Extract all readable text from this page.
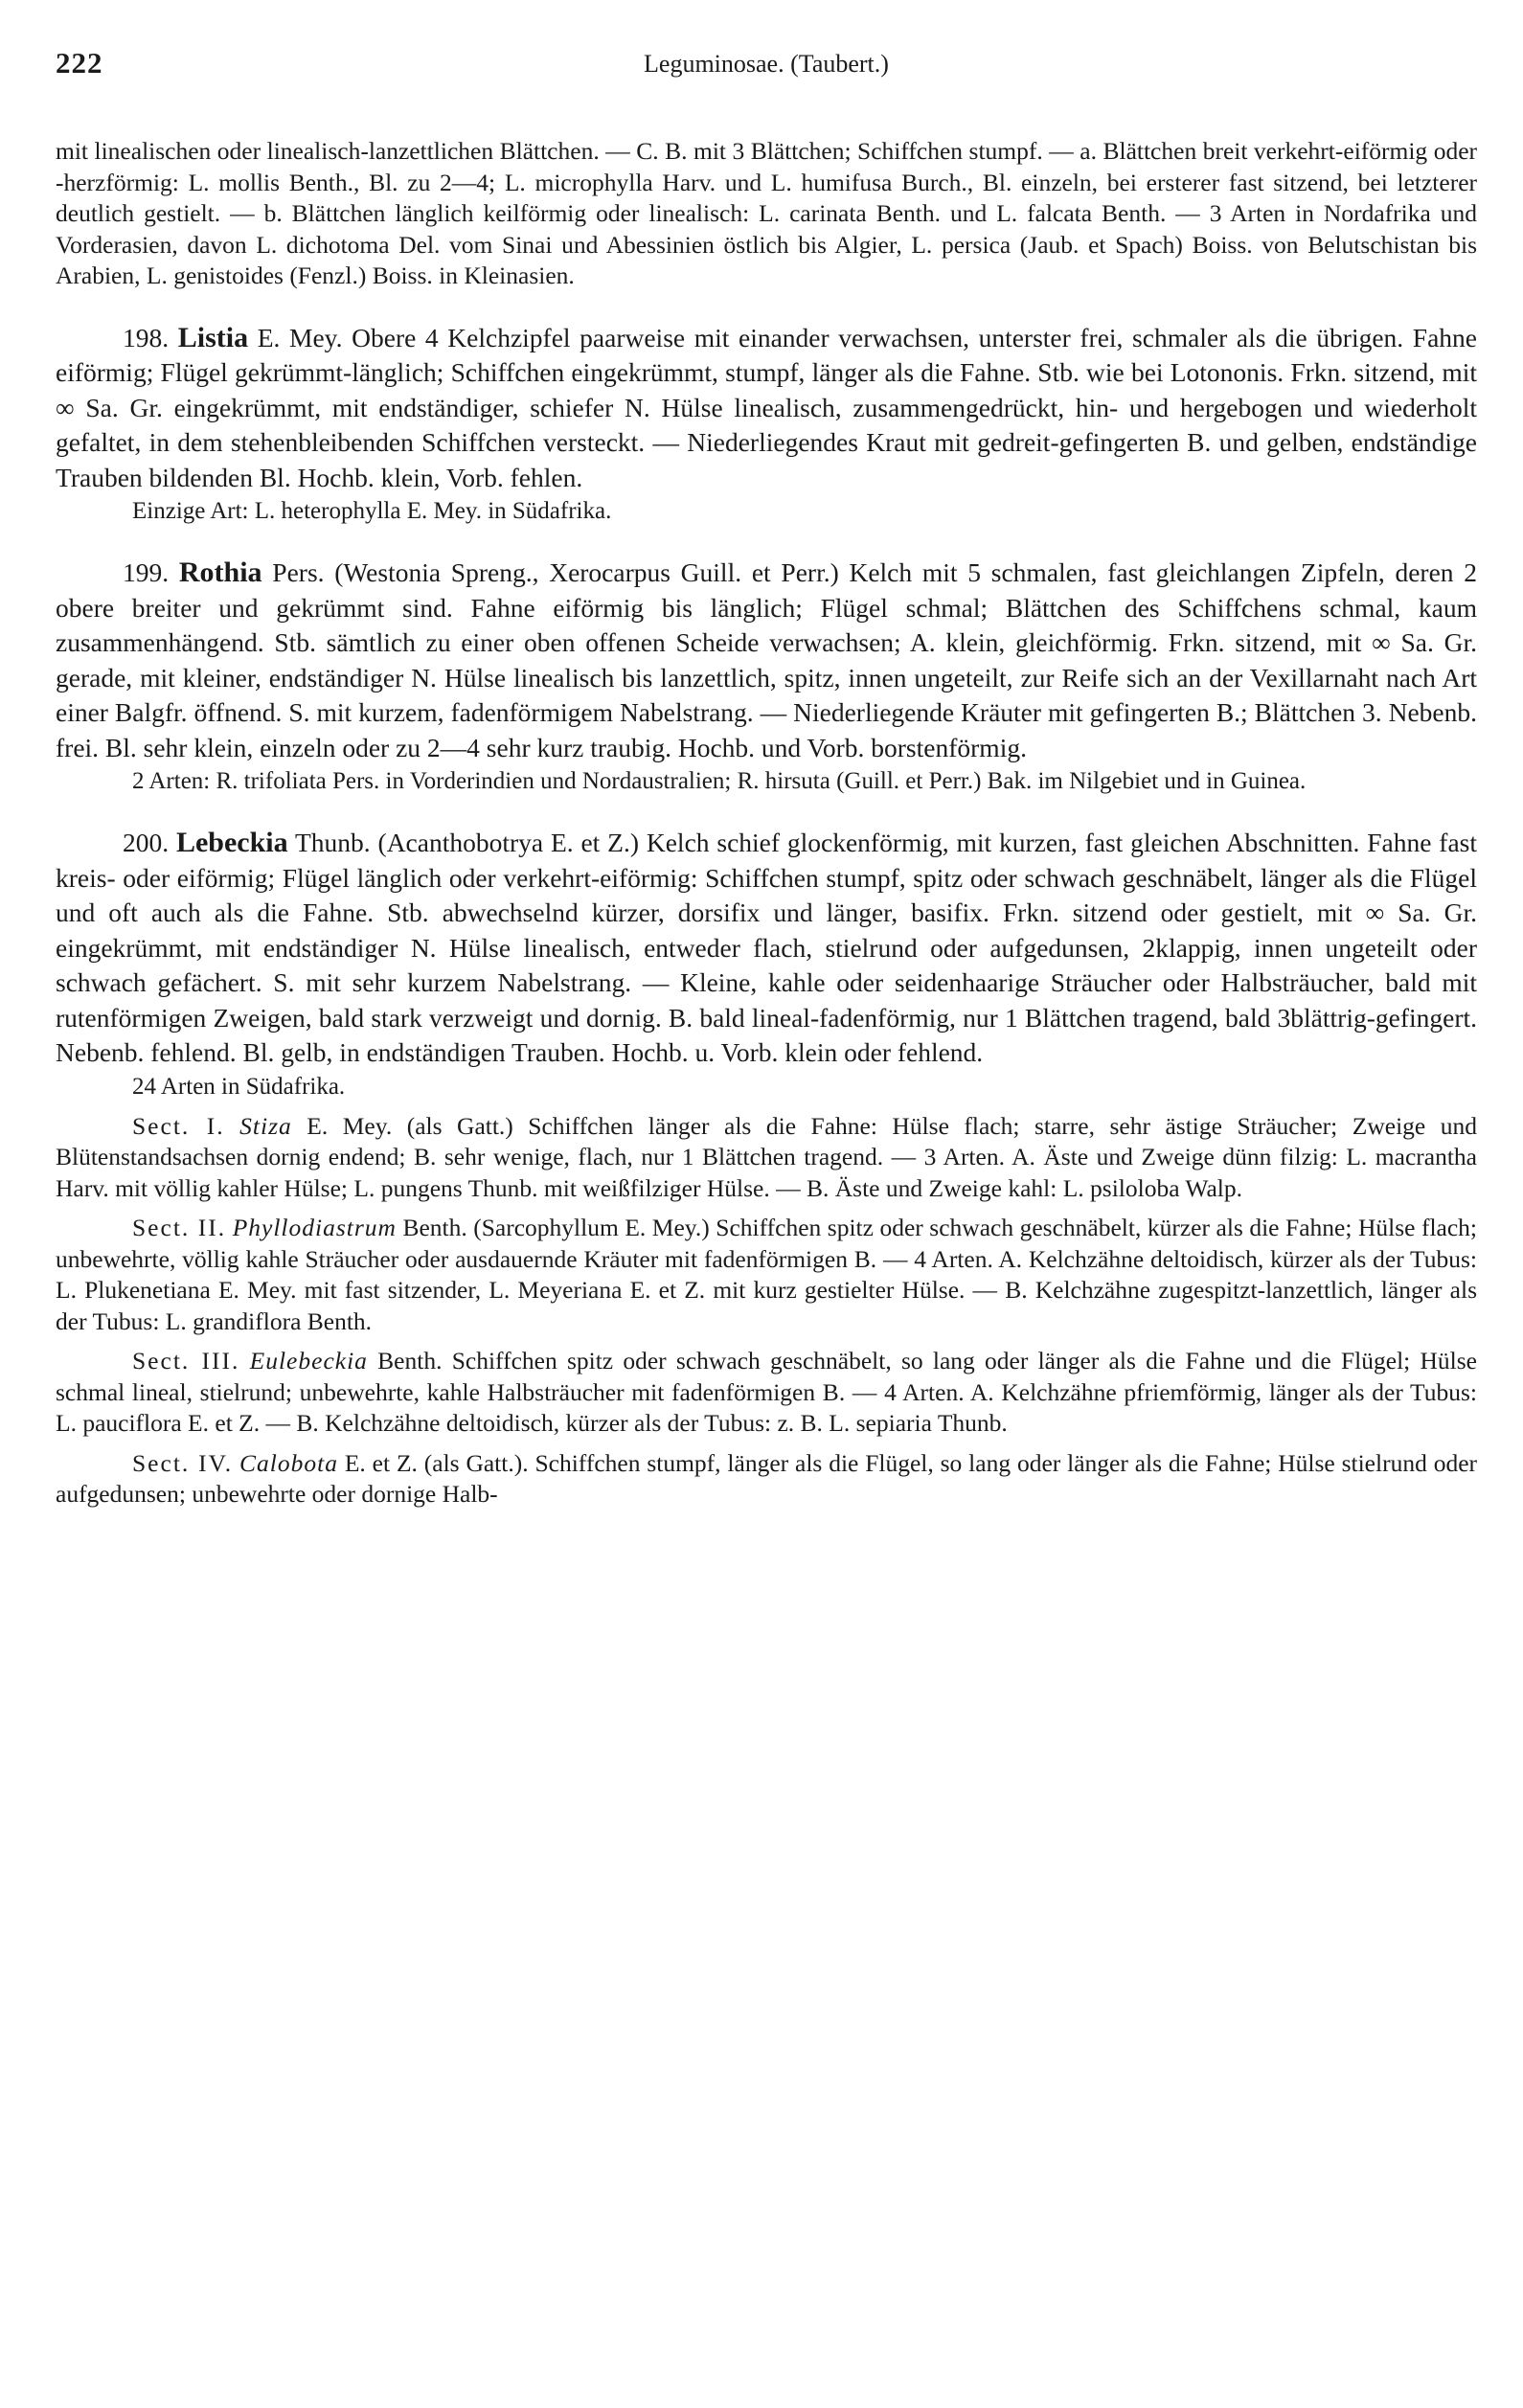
222	Leguminosae. (Taubert.)

mit linealischen oder linealisch-lanzettlichen Blättchen. — C. B. mit 3 Blättchen; Schiffchen stumpf. — a. Blättchen breit verkehrt-eiförmig oder -herzförmig: L. mollis Benth., Bl. zu 2—4; L. microphylla Harv. und L. humifusa Burch., Bl. einzeln, bei ersterer fast sitzend, bei letzterer deutlich gestielt. — b. Blättchen länglich keilförmig oder linealisch: L. carinata Benth. und L. falcata Benth. — 3 Arten in Nordafrika und Vorderasien, davon L. dichotoma Del. vom Sinai und Abessinien östlich bis Algier, L. persica (Jaub. et Spach) Boiss. von Belutschistan bis Arabien, L. genistoides (Fenzl.) Boiss. in Kleinasien.

198. Listia E. Mey. Obere 4 Kelchzipfel paarweise mit einander verwachsen, unterster frei, schmaler als die übrigen. Fahne eiförmig; Flügel gekrümmt-länglich; Schiffchen eingekrümmt, stumpf, länger als die Fahne. Stb. wie bei Lotononis. Frkn. sitzend, mit ∞ Sa. Gr. eingekrümmt, mit endständiger, schiefer N. Hülse linealisch, zusammengedrückt, hin- und hergebogen und wiederholt gefaltet, in dem stehenbleibenden Schiffchen versteckt. — Niederliegendes Kraut mit gedreit-gefingerten B. und gelben, endständige Trauben bildenden Bl. Hochb. klein, Vorb. fehlen.

Einzige Art: L. heterophylla E. Mey. in Südafrika.

199. Rothia Pers. (Westonia Spreng., Xerocarpus Guill. et Perr.) Kelch mit 5 schmalen, fast gleichlangen Zipfeln, deren 2 obere breiter und gekrümmt sind. Fahne eiförmig bis länglich; Flügel schmal; Blättchen des Schiffchens schmal, kaum zusammenhängend. Stb. sämtlich zu einer oben offenen Scheide verwachsen; A. klein, gleichförmig. Frkn. sitzend, mit ∞ Sa. Gr. gerade, mit kleiner, endständiger N. Hülse linealisch bis lanzettlich, spitz, innen ungeteilt, zur Reife sich an der Vexillarnaht nach Art einer Balgfr. öffnend. S. mit kurzem, fadenförmigem Nabelstrang. — Niederliegende Kräuter mit gefingerten B.; Blättchen 3. Nebenb. frei. Bl. sehr klein, einzeln oder zu 2—4 sehr kurz traubig. Hochb. und Vorb. borstenförmig.

2 Arten: R. trifoliata Pers. in Vorderindien und Nordaustralien; R. hirsuta (Guill. et Perr.) Bak. im Nilgebiet und in Guinea.

200. Lebeckia Thunb. (Acanthobotrya E. et Z.) Kelch schief glockenförmig, mit kurzen, fast gleichen Abschnitten. Fahne fast kreis- oder eiförmig; Flügel länglich oder verkehrt-eiförmig: Schiffchen stumpf, spitz oder schwach geschnäbelt, länger als die Flügel und oft auch als die Fahne. Stb. abwechselnd kürzer, dorsifix und länger, basifix. Frkn. sitzend oder gestielt, mit ∞ Sa. Gr. eingekrümmt, mit endständiger N. Hülse linealisch, entweder flach, stielrund oder aufgedunsen, 2klappig, innen ungeteilt oder schwach gefächert. S. mit sehr kurzem Nabelstrang. — Kleine, kahle oder seidenhaarige Sträucher oder Halbsträucher, bald mit rutenförmigen Zweigen, bald stark verzweigt und dornig. B. bald lineal-fadenförmig, nur 1 Blättchen tragend, bald 3blättrig-gefingert. Nebenb. fehlend. Bl. gelb, in endständigen Trauben. Hochb. u. Vorb. klein oder fehlend.

24 Arten in Südafrika.

Sect. I. Stiza E. Mey. (als Gatt.) Schiffchen länger als die Fahne: Hülse flach; starre, sehr ästige Sträucher; Zweige und Blütenstandsachsen dornig endend; B. sehr wenige, flach, nur 1 Blättchen tragend. — 3 Arten. A. Äste und Zweige dünn filzig: L. macrantha Harv. mit völlig kahler Hülse; L. pungens Thunb. mit weißfilziger Hülse. — B. Äste und Zweige kahl: L. psiloloba Walp.

Sect. II. Phyllodiastrum Benth. (Sarcophyllum E. Mey.) Schiffchen spitz oder schwach geschnäbelt, kürzer als die Fahne; Hülse flach; unbewehrte, völlig kahle Sträucher oder ausdauernde Kräuter mit fadenförmigen B. — 4 Arten. A. Kelchzähne deltoidisch, kürzer als der Tubus: L. Plukenetiana E. Mey. mit fast sitzender, L. Meyeriana E. et Z. mit kurz gestielter Hülse. — B. Kelchzähne zugespitzt-lanzettlich, länger als der Tubus: L. grandiflora Benth.

Sect. III. Eulebeckia Benth. Schiffchen spitz oder schwach geschnäbelt, so lang oder länger als die Fahne und die Flügel; Hülse schmal lineal, stielrund; unbewehrte, kahle Halbsträucher mit fadenförmigen B. — 4 Arten. A. Kelchzähne pfriemförmig, länger als der Tubus: L. pauciflora E. et Z. — B. Kelchzähne deltoidisch, kürzer als der Tubus: z. B. L. sepiaria Thunb.

Sect. IV. Calobota E. et Z. (als Gatt.). Schiffchen stumpf, länger als die Flügel, so lang oder länger als die Fahne; Hülse stielrund oder aufgedunsen; unbewehrte oder dornige Halb-
